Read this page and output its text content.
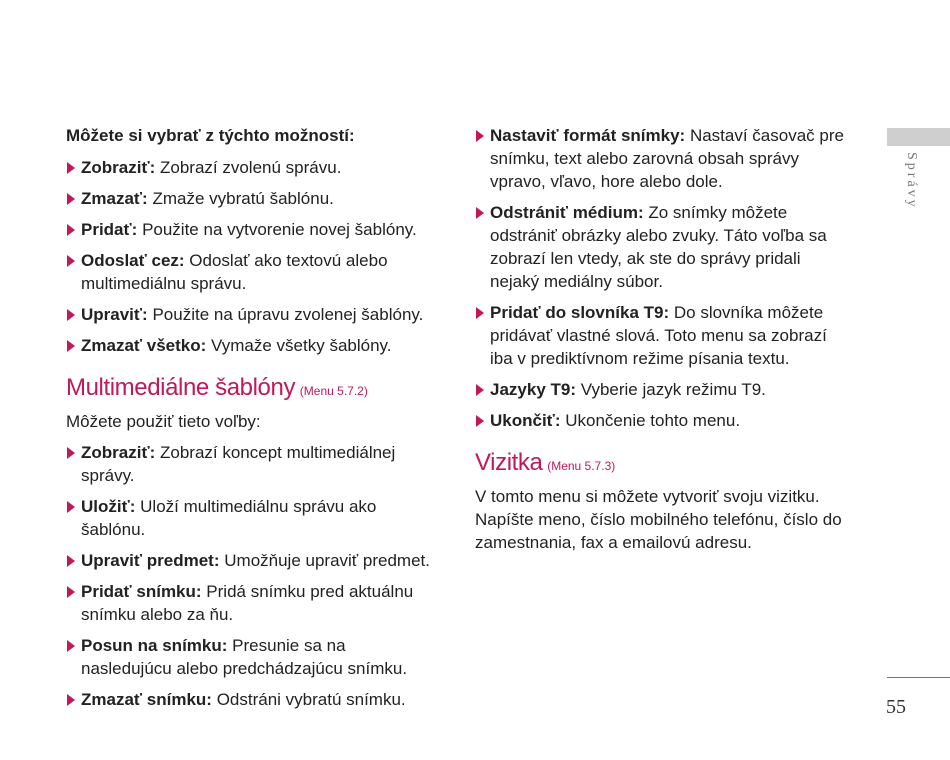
Môžete si vybrať z týchto možností:

Zobraziť: Zobrazí zvolenú správu.
Zmazať: Zmaže vybratú šablónu.
Pridať: Použite na vytvorenie novej šablóny.
Odoslať cez: Odoslať ako textovú alebo multimediálnu správu.
Upraviť: Použite na úpravu zvolenej šablóny.
Zmazať všetko: Vymaže všetky šablóny.
Multimediálne šablóny (Menu 5.7.2)

Môžete použiť tieto voľby:

Zobraziť: Zobrazí koncept multimediálnej správy.
Uložiť: Uloží multimediálnu správu ako šablónu.
Upraviť predmet: Umožňuje upraviť predmet.
Pridať snímku: Pridá snímku pred aktuálnu snímku alebo za ňu.
Posun na snímku: Presunie sa na nasledujúcu alebo predchádzajúcu snímku.
Zmazať snímku: Odstráni vybratú snímku.
Nastaviť formát snímky: Nastaví časovač pre snímku, text alebo zarovná obsah správy vpravo, vľavo, hore alebo dole.
Odstrániť médium: Zo snímky môžete odstrániť obrázky alebo zvuky. Táto voľba sa zobrazí len vtedy, ak ste do správy pridali nejaký mediálny súbor.
Pridať do slovníka T9: Do slovníka môžete pridávať vlastné slová. Toto menu sa zobrazí iba v prediktívnom režime písania textu.
Jazyky T9: Vyberie jazyk režimu T9.
Ukončiť: Ukončenie tohto menu.
Vizitka (Menu 5.7.3)

V tomto menu si môžete vytvoriť svoju vizitku. Napíšte meno, číslo mobilného telefónu, číslo do zamestnania, fax a emailovú adresu.

Správy
55
